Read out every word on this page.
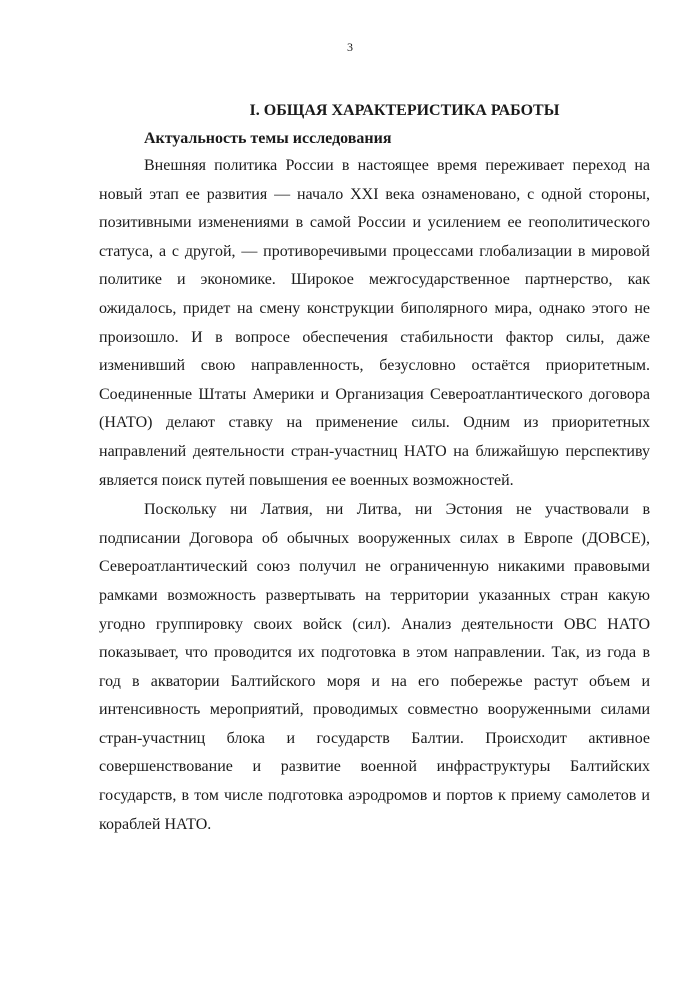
3
I. ОБЩАЯ ХАРАКТЕРИСТИКА РАБОТЫ
Актуальность темы исследования

Внешняя политика России в настоящее время переживает переход на новый этап ее развития — начало XXI века ознаменовано, с одной стороны, позитивными изменениями в самой России и усилением ее геополитического статуса, а с другой, — противоречивыми процессами глобализации в мировой политике и экономике. Широкое межгосударственное партнерство, как ожидалось, придет на смену конструкции биполярного мира, однако этого не произошло. И в вопросе обеспечения стабильности фактор силы, даже изменивший свою направленность, безусловно остаётся приоритетным. Соединенные Штаты Америки и Организация Североатлантического договора (НАТО) делают ставку на применение силы. Одним из приоритетных направлений деятельности стран-участниц НАТО на ближайшую перспективу является поиск путей повышения ее военных возможностей.

Поскольку ни Латвия, ни Литва, ни Эстония не участвовали в подписании Договора об обычных вооруженных силах в Европе (ДОВСЕ), Североатлантический союз получил не ограниченную никакими правовыми рамками возможность развертывать на территории указанных стран какую угодно группировку своих войск (сил). Анализ деятельности ОВС НАТО показывает, что проводится их подготовка в этом направлении. Так, из года в год в акватории Балтийского моря и на его побережье растут объем и интенсивность мероприятий, проводимых совместно вооруженными силами стран-участниц блока и государств Балтии. Происходит активное совершенствование и развитие военной инфраструктуры Балтийских государств, в том числе подготовка аэродромов и портов к приему самолетов и кораблей НАТО.
